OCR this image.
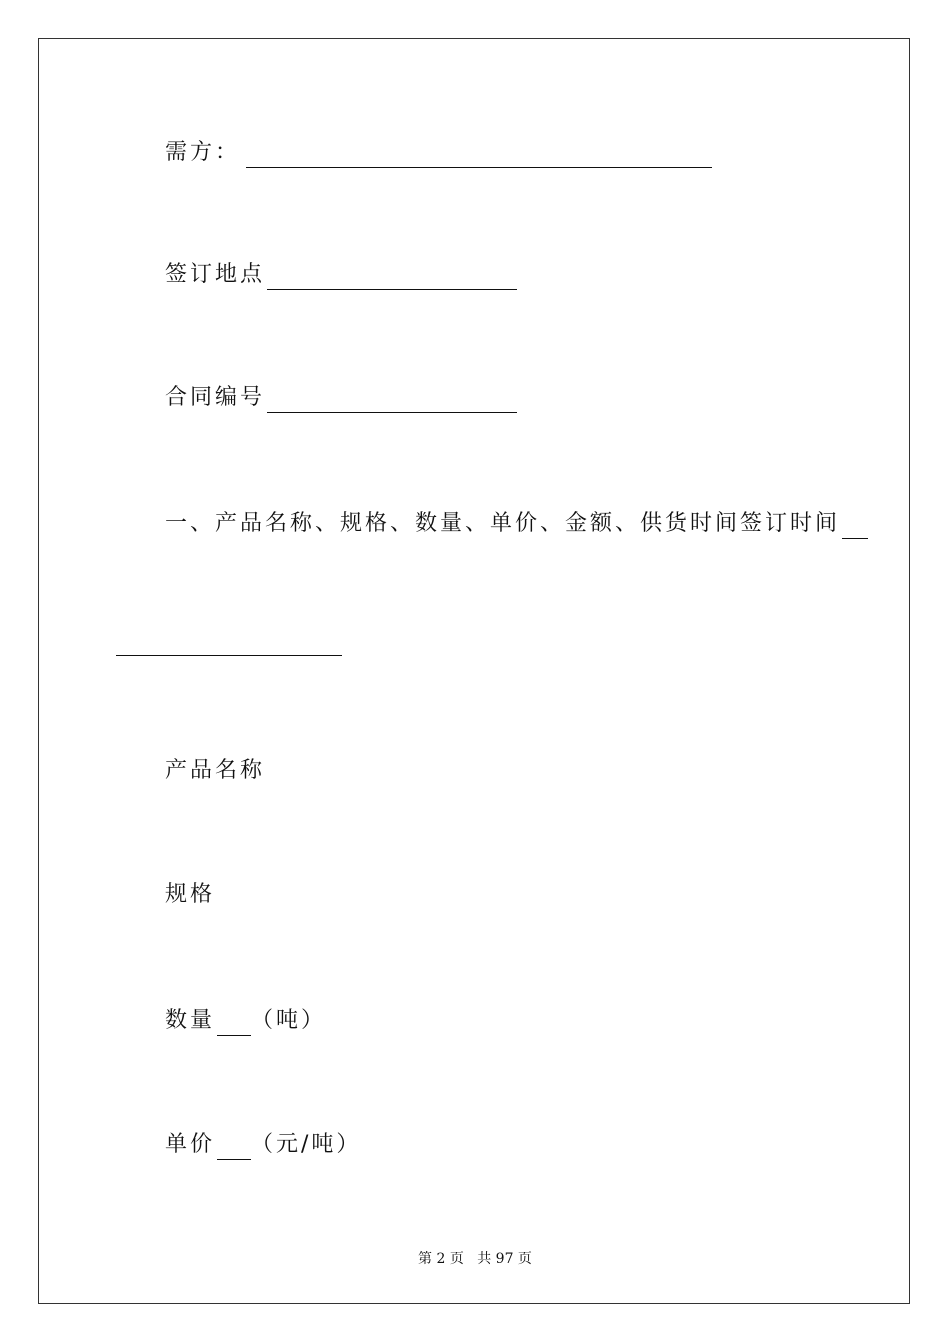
需方：
签订地点
合同编号
一、产品名称、规格、数量、单价、金额、供货时间签订时间
产品名称
规格
数量 （吨）
单价 （元/吨）
第 2 页 共 97 页
